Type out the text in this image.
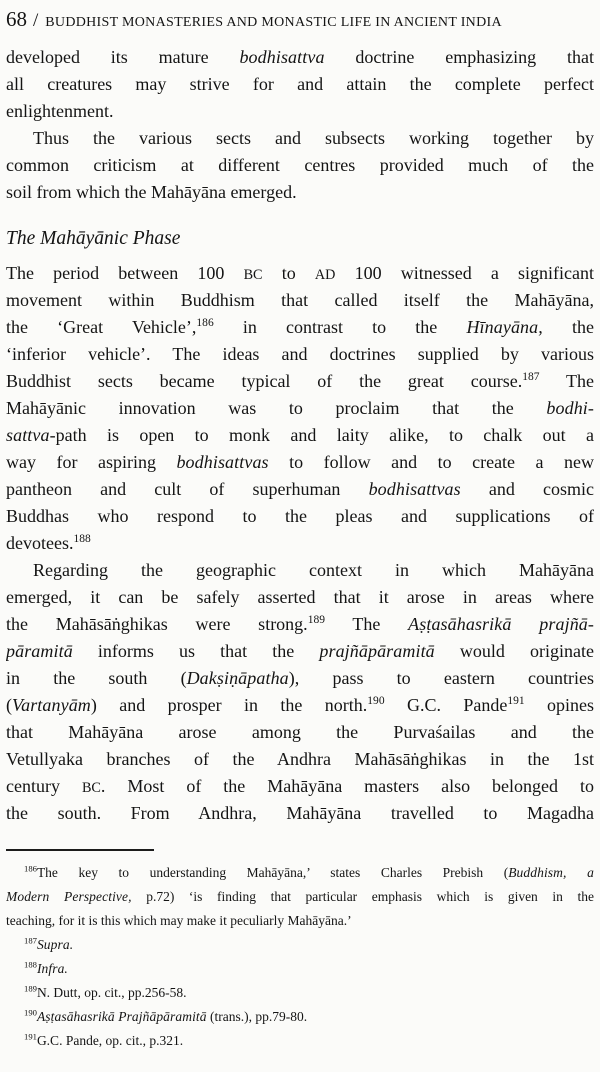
68 / BUDDHIST MONASTERIES AND MONASTIC LIFE IN ANCIENT INDIA
developed its mature bodhisattva doctrine emphasizing that
all creatures may strive for and attain the complete perfect
enlightenment.
Thus the various sects and subsects working together by
common criticism at different centres provided much of the
soil from which the Mahāyāna emerged.
The Mahāyānic Phase
The period between 100 BC to AD 100 witnessed a significant
movement within Buddhism that called itself the Mahāyāna,
the ‘Great Vehicle’,$^{186}$ in contrast to the Hīnayāna, the
‘inferior vehicle’. The ideas and doctrines supplied by various
Buddhist sects became typical of the great course.$^{187}$ The
Mahāyānic innovation was to proclaim that the bodhi-
sattva-path is open to monk and laity alike, to chalk out a
way for aspiring bodhisattvas to follow and to create a new
pantheon and cult of superhuman bodhisattvas and cosmic
Buddhas who respond to the pleas and supplications of
devotees.$^{188}$
Regarding the geographic context in which Mahāyāna
emerged, it can be safely asserted that it arose in areas where
the Mahāsāṅghikas were strong.$^{189}$ The Aṣṭasāhasrikā prajñā-
pāramitā informs us that the prajñāpāramitā would originate
in the south (Dakṣiṇāpatha), pass to eastern countries
(Vartanyām) and prosper in the north.$^{190}$ G.C. Pande$^{191}$ opines
that Mahāyāna arose among the Purvaśailas and the
Vetullyaka branches of the Andhra Mahāsāṅghikas in the 1st
century BC. Most of the Mahāyāna masters also belonged to
the south. From Andhra, Mahāyāna travelled to Magadha
$^{186}$The key to understanding Mahāyāna,’ states Charles Prebish (Buddhism, a
Modern Perspective, p.72) ‘is finding that particular emphasis which is given in the
teaching, for it is this which may make it peculiarly Mahāyāna.’
$^{187}$Supra.
$^{188}$Infra.
$^{189}$N. Dutt, op. cit., pp.256-58.
$^{190}$Aṣṭasāhasrikā Prajñāpāramitā (trans.), pp.79-80.
$^{191}$G.C. Pande, op. cit., p.321.
